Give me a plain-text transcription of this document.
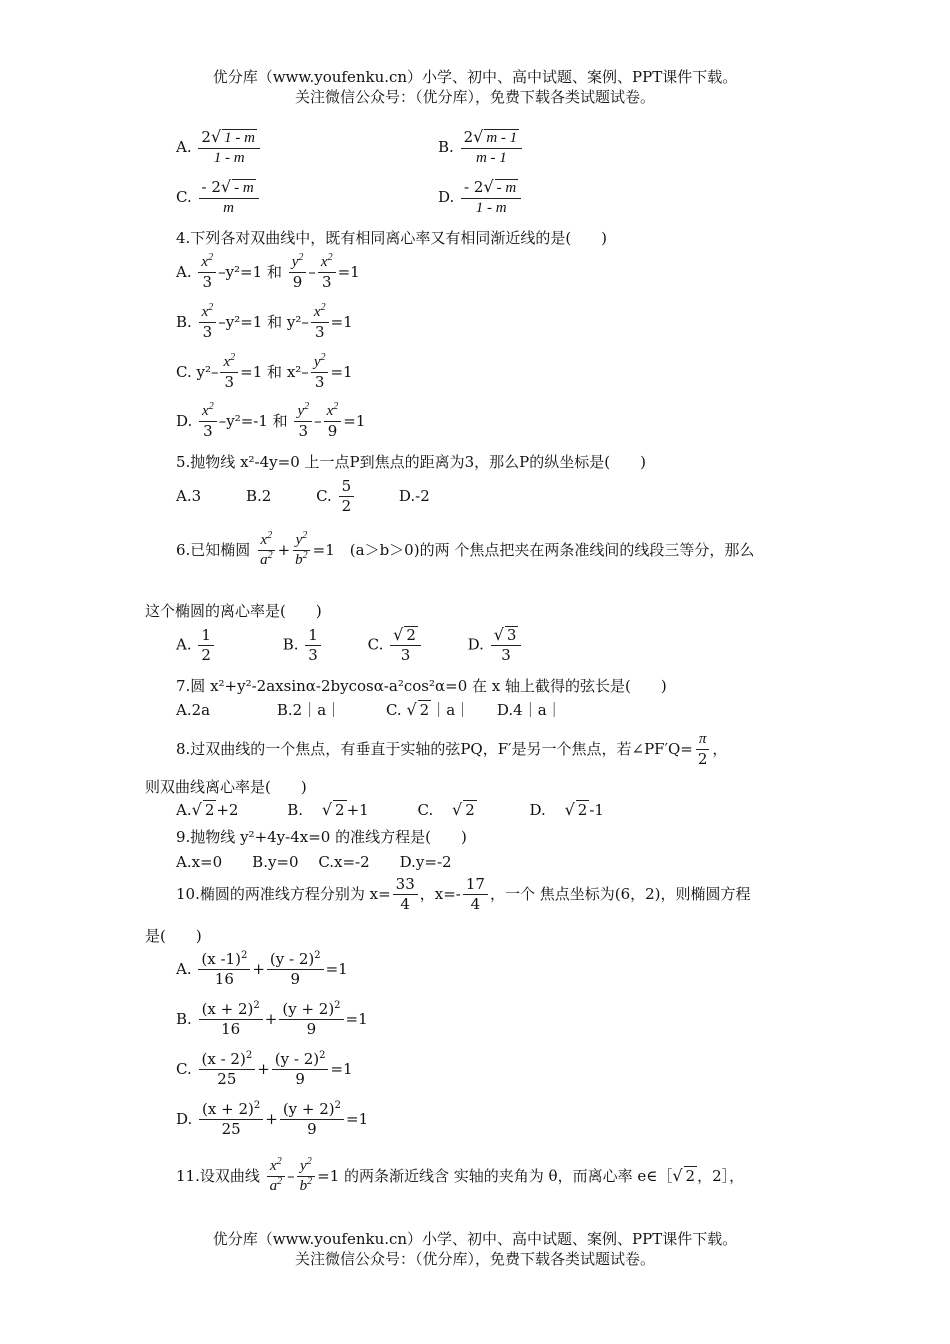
优分库（www.youfenku.cn）小学、初中、高中试题、案例、PPT课件下载。
关注微信公众号：（优分库），免费下载各类试题试卷。
A. $\frac{2√ 1 - m}{1 - m}$	B. $\frac{2√ m - 1}{m - 1}$
C. $\frac{- 2√ - m}{m}$	D. $\frac{- 2√ - m}{1 - m}$
4.下列各对双曲线中，既有相同离心率又有相同渐近线的是(　　)
A. $\frac{x^2}{3} -y^2=1$ 和 $\frac{y^2}{9} - \frac{x^2}{3} =1$
B. $\frac{x^2}{3} -y^2=1$ 和 $y^2- \frac{x^2}{3} =1$
C. $y^2- \frac{x^2}{3} =1$ 和 $x^2- \frac{y^2}{3} =1$
D. $\frac{x^2}{3} -y^2=-1$ 和 $\frac{y^2}{3} - \frac{x^2}{9} =1$
5.抛物线 x²-4y=0 上一点P到焦点的距离为3，那么P的纵坐标是(　　)
A.3	B.2	C. $\frac{5}{2}$	D.-2
6.已知椭圆 $\frac{x^2}{a^2} + \frac{y^2}{b^2} =1$　(a＞b＞0)的两 个焦点把夹在两条准线间的线段三等分，那么
这个椭圆的离心率是(　　)
A. $\frac{1}{2}$	B. $\frac{1}{3}$	C. $\frac{√ 2}{3}$	D. $\frac{√ 3}{3}$
7.圆 x²+y²-2axsinα-2bycosα-a²cos²α=0 在 x 轴上截得的弦长是(　　)
A.2a	B.2｜a｜	C. √ 2 ｜a｜ D.4｜a｜
8.过双曲线的一个焦点，有垂直于实轴的弦PQ，F′是另一个焦点，若∠PF′Q= $\frac{\pi}{2}$ ，
则双曲线离心率是(　　)
A.√ 2 +2	B. √ 2 +1	C. √ 2	D. √ 2 -1
9.抛物线 y²+4y-4x=0 的准线方程是(　　)
A.x=0　　B.y=0　 C.x=-2　　D.y=-2
10.椭圆的两准线方程分别为 $x= \frac{33}{4}$ ，$x=- \frac{17}{4}$ ，一个 焦点坐标为(6，2)，则椭圆方程
是(　　)
A. $\frac{(x -1)^2}{16} + \frac{(y - 2)^2}{9} =1$
B. $\frac{(x + 2)^2}{16} + \frac{(y + 2)^2}{9} =1$
C. $\frac{(x - 2)^2}{25} + \frac{(y - 2)^2}{9} =1$
D. $\frac{(x + 2)^2}{25} + \frac{(y + 2)^2}{9} =1$
11.设双曲线 $\frac{x^2}{a^2} - \frac{y^2}{b^2} =1$ 的两条渐近线含 实轴的夹角为 θ，而离心率 e∈［√ 2 ，2］，
优分库（www.youfenku.cn）小学、初中、高中试题、案例、PPT课件下载。
关注微信公众号：（优分库），免费下载各类试题试卷。
